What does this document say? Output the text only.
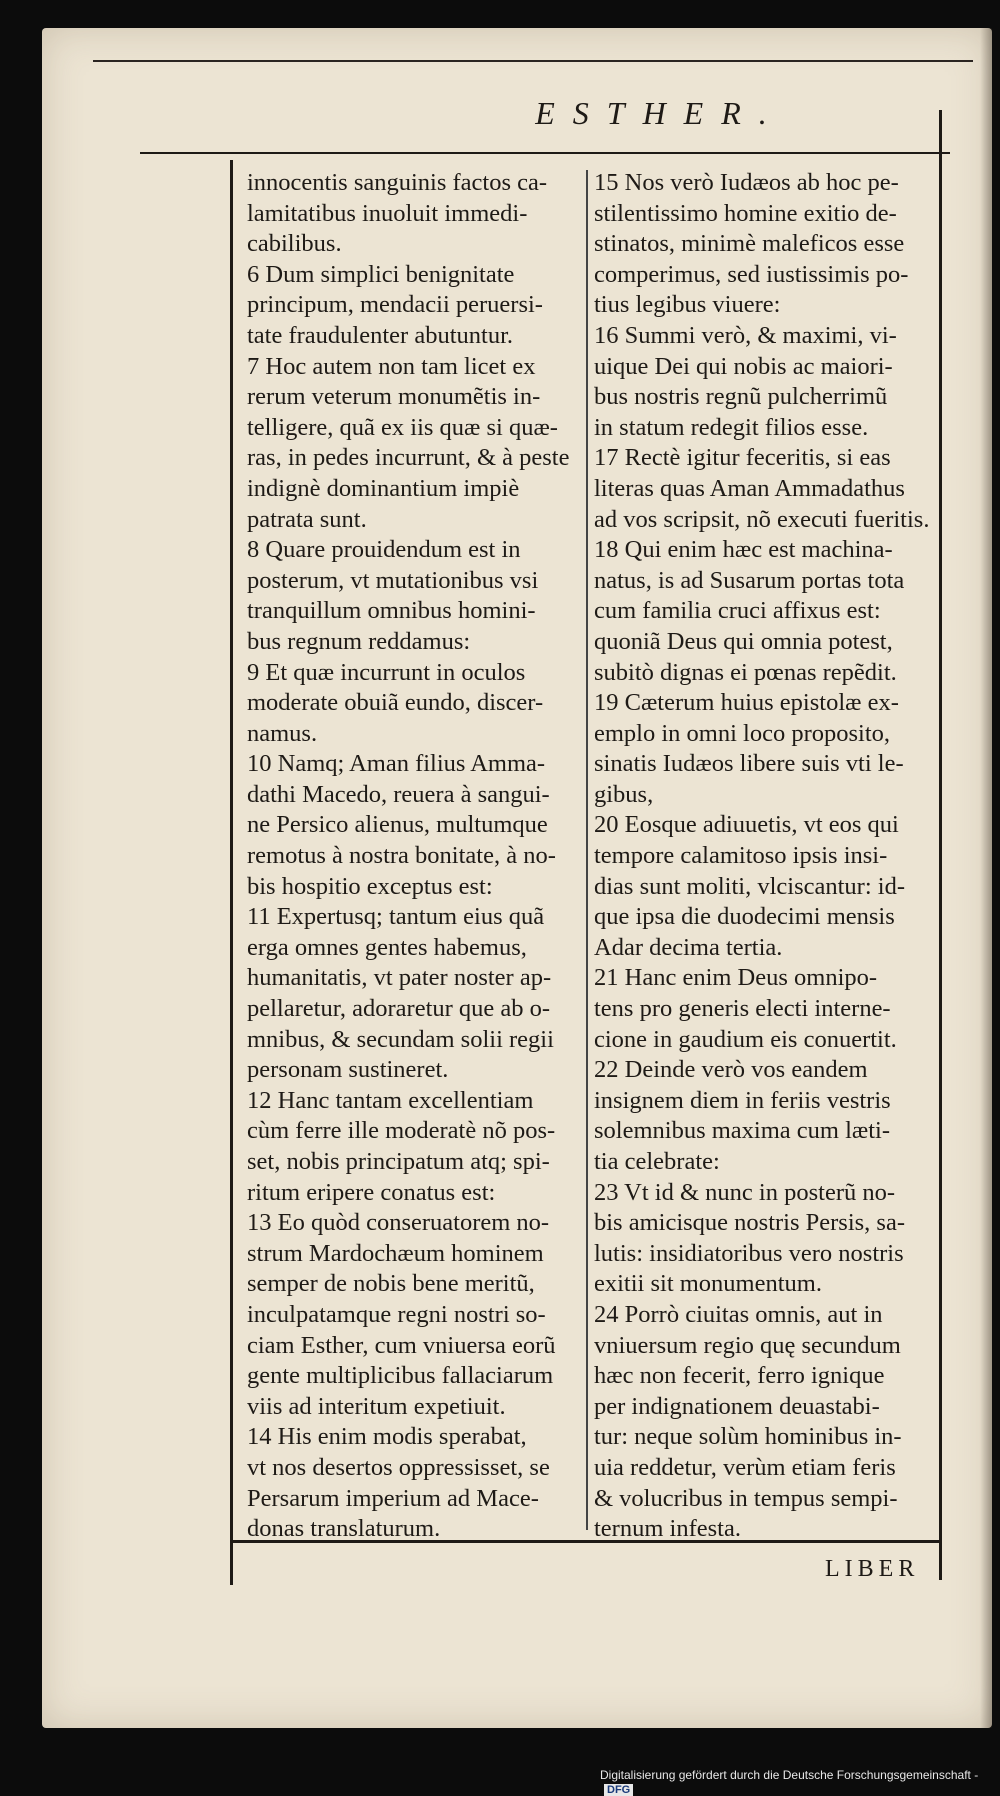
ESTHER.
innocentis sanguinis factos ca-
lamitatibus inuoluit immedi-
cabilibus.
6 Dum simplici benignitate
principum, mendacii peruersi-
tate fraudulenter abutuntur.
7 Hoc autem non tam licet ex
rerum veterum monumẽtis in-
telligere, quã ex iis quæ si quæ-
ras, in pedes incurrunt, & à peste
indignè dominantium impiè
patrata sunt.
8 Quare prouidendum est in
posterum, vt mutationibus vsi
tranquillum omnibus homini-
bus regnum reddamus:
9 Et quæ incurrunt in oculos
moderate obuiã eundo, discer-
namus.
10 Namq; Aman filius Amma-
dathi Macedo, reuera à sangui-
ne Persico alienus, multumque
remotus à nostra bonitate, à no-
bis hospitio exceptus est:
11 Expertusq; tantum eius quã
erga omnes gentes habemus,
humanitatis, vt pater noster ap-
pellaretur, adoraretur que ab o-
mnibus, & secundam solii regii
personam sustineret.
12 Hanc tantam excellentiam
cùm ferre ille moderatè nõ pos-
set, nobis principatum atq; spi-
ritum eripere conatus est:
13 Eo quòd conseruatorem no-
strum Mardochæum hominem
semper de nobis bene meritũ,
inculpatamque regni nostri so-
ciam Esther, cum vniuersa eorũ
gente multiplicibus fallaciarum
viis ad interitum expetiuit.
14 His enim modis sperabat,
vt nos desertos oppressisset, se
Persarum imperium ad Mace-
donas translaturum.
15 Nos verò Iudæos ab hoc pe-
stilentissimo homine exitio de-
stinatos, minimè maleficos esse
comperimus, sed iustissimis po-
tius legibus viuere:
16 Summi verò, & maximi, vi-
uique Dei qui nobis ac maiori-
bus nostris regnũ pulcherrimũ
in statum redegit filios esse.
17 Rectè igitur feceritis, si eas
literas quas Aman Ammadathus
ad vos scripsit, nõ executi fueritis.
18 Qui enim hæc est machina-
natus, is ad Susarum portas tota
cum familia cruci affixus est:
quoniã Deus qui omnia potest,
subitò dignas ei pœnas repẽdit.
19 Cæterum huius epistolæ ex-
emplo in omni loco proposito,
sinatis Iudæos libere suis vti le-
gibus,
20 Eosque adiuuetis, vt eos qui
tempore calamitoso ipsis insi-
dias sunt moliti, vlciscantur: id-
que ipsa die duodecimi mensis
Adar decima tertia.
21 Hanc enim Deus omnipo-
tens pro generis electi interne-
cione in gaudium eis conuertit.
22 Deinde verò vos eandem
insignem diem in feriis vestris
solemnibus maxima cum læti-
tia celebrate:
23 Vt id & nunc in posterũ no-
bis amicisque nostris Persis, sa-
lutis: insidiatoribus vero nostris
exitii sit monumentum.
24 Porrò ciuitas omnis, aut in
vniuersum regio quę secundum
hæc non fecerit, ferro ignique
per indignationem deuastabi-
tur: neque solùm hominibus in-
uia reddetur, verùm etiam feris
& volucribus in tempus sempi-
ternum infesta.
LIBER
Digitalisierung gefördert durch die Deutsche Forschungsgemeinschaft - DFG
